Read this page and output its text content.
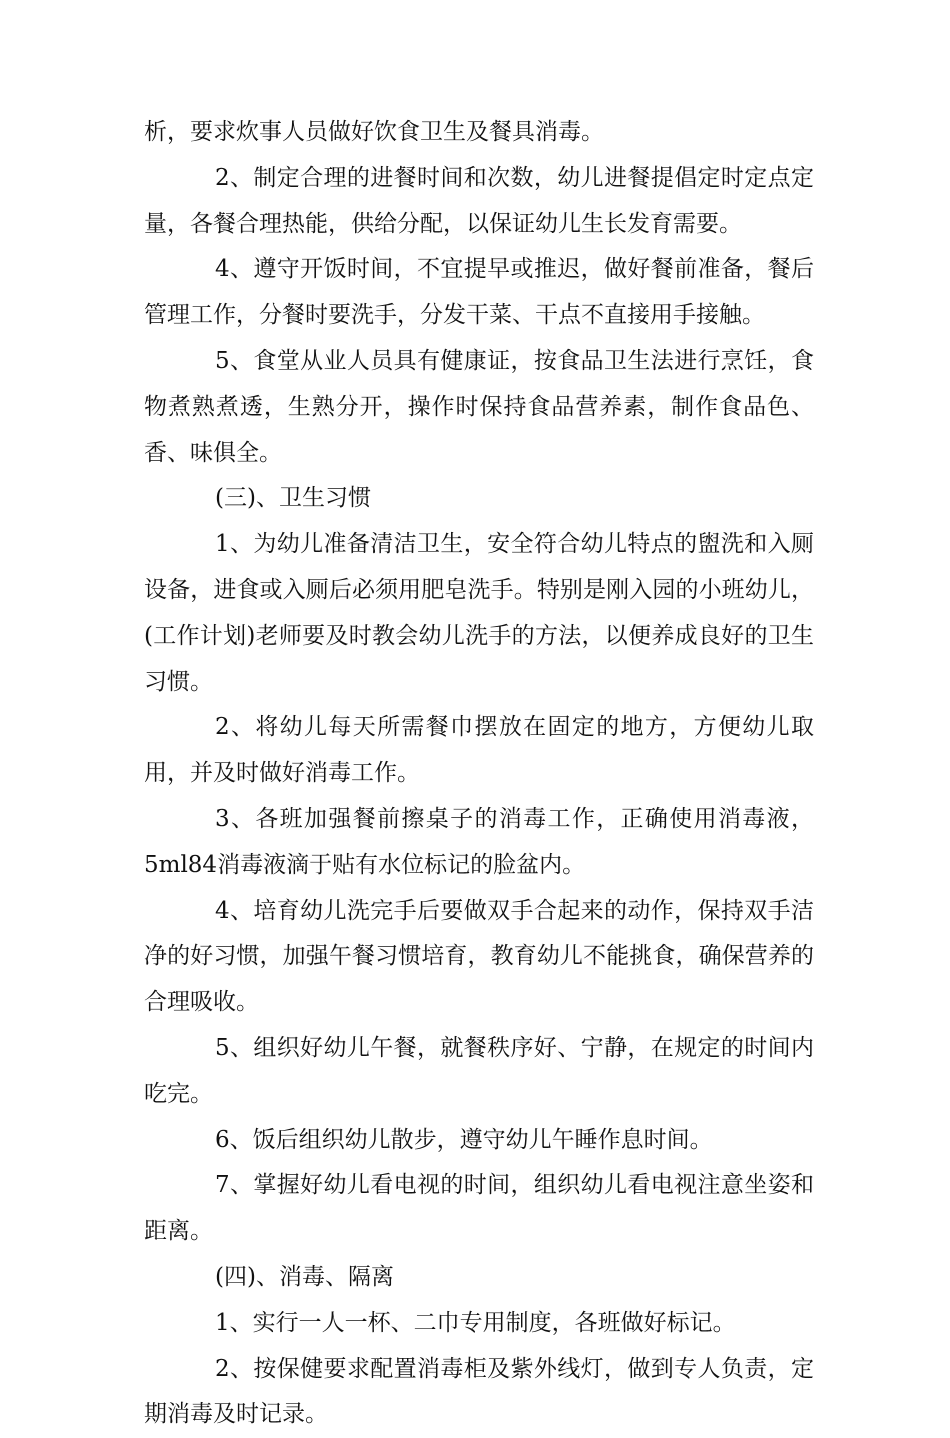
析，要求炊事人员做好饮食卫生及餐具消毒。

2、制定合理的进餐时间和次数，幼儿进餐提倡定时定点定量，各餐合理热能，供给分配，以保证幼儿生长发育需要。

4、遵守开饭时间，不宜提早或推迟，做好餐前准备，餐后管理工作，分餐时要洗手，分发干菜、干点不直接用手接触。

5、食堂从业人员具有健康证，按食品卫生法进行烹饪，食物煮熟煮透，生熟分开，操作时保持食品营养素，制作食品色、香、味俱全。

(三)、卫生习惯

1、为幼儿准备清洁卫生，安全符合幼儿特点的盥洗和入厕设备，进食或入厕后必须用肥皂洗手。特别是刚入园的小班幼儿，(工作计划)老师要及时教会幼儿洗手的方法，以便养成良好的卫生习惯。

2、将幼儿每天所需餐巾摆放在固定的地方，方便幼儿取用，并及时做好消毒工作。

3、各班加强餐前擦桌子的消毒工作，正确使用消毒液，5ml84消毒液滴于贴有水位标记的脸盆内。

4、培育幼儿洗完手后要做双手合起来的动作，保持双手洁净的好习惯，加强午餐习惯培育，教育幼儿不能挑食，确保营养的合理吸收。

5、组织好幼儿午餐，就餐秩序好、宁静，在规定的时间内吃完。

6、饭后组织幼儿散步，遵守幼儿午睡作息时间。

7、掌握好幼儿看电视的时间，组织幼儿看电视注意坐姿和距离。

(四)、消毒、隔离

1、实行一人一杯、二巾专用制度，各班做好标记。

2、按保健要求配置消毒柜及紫外线灯，做到专人负责，定期消毒及时记录。
